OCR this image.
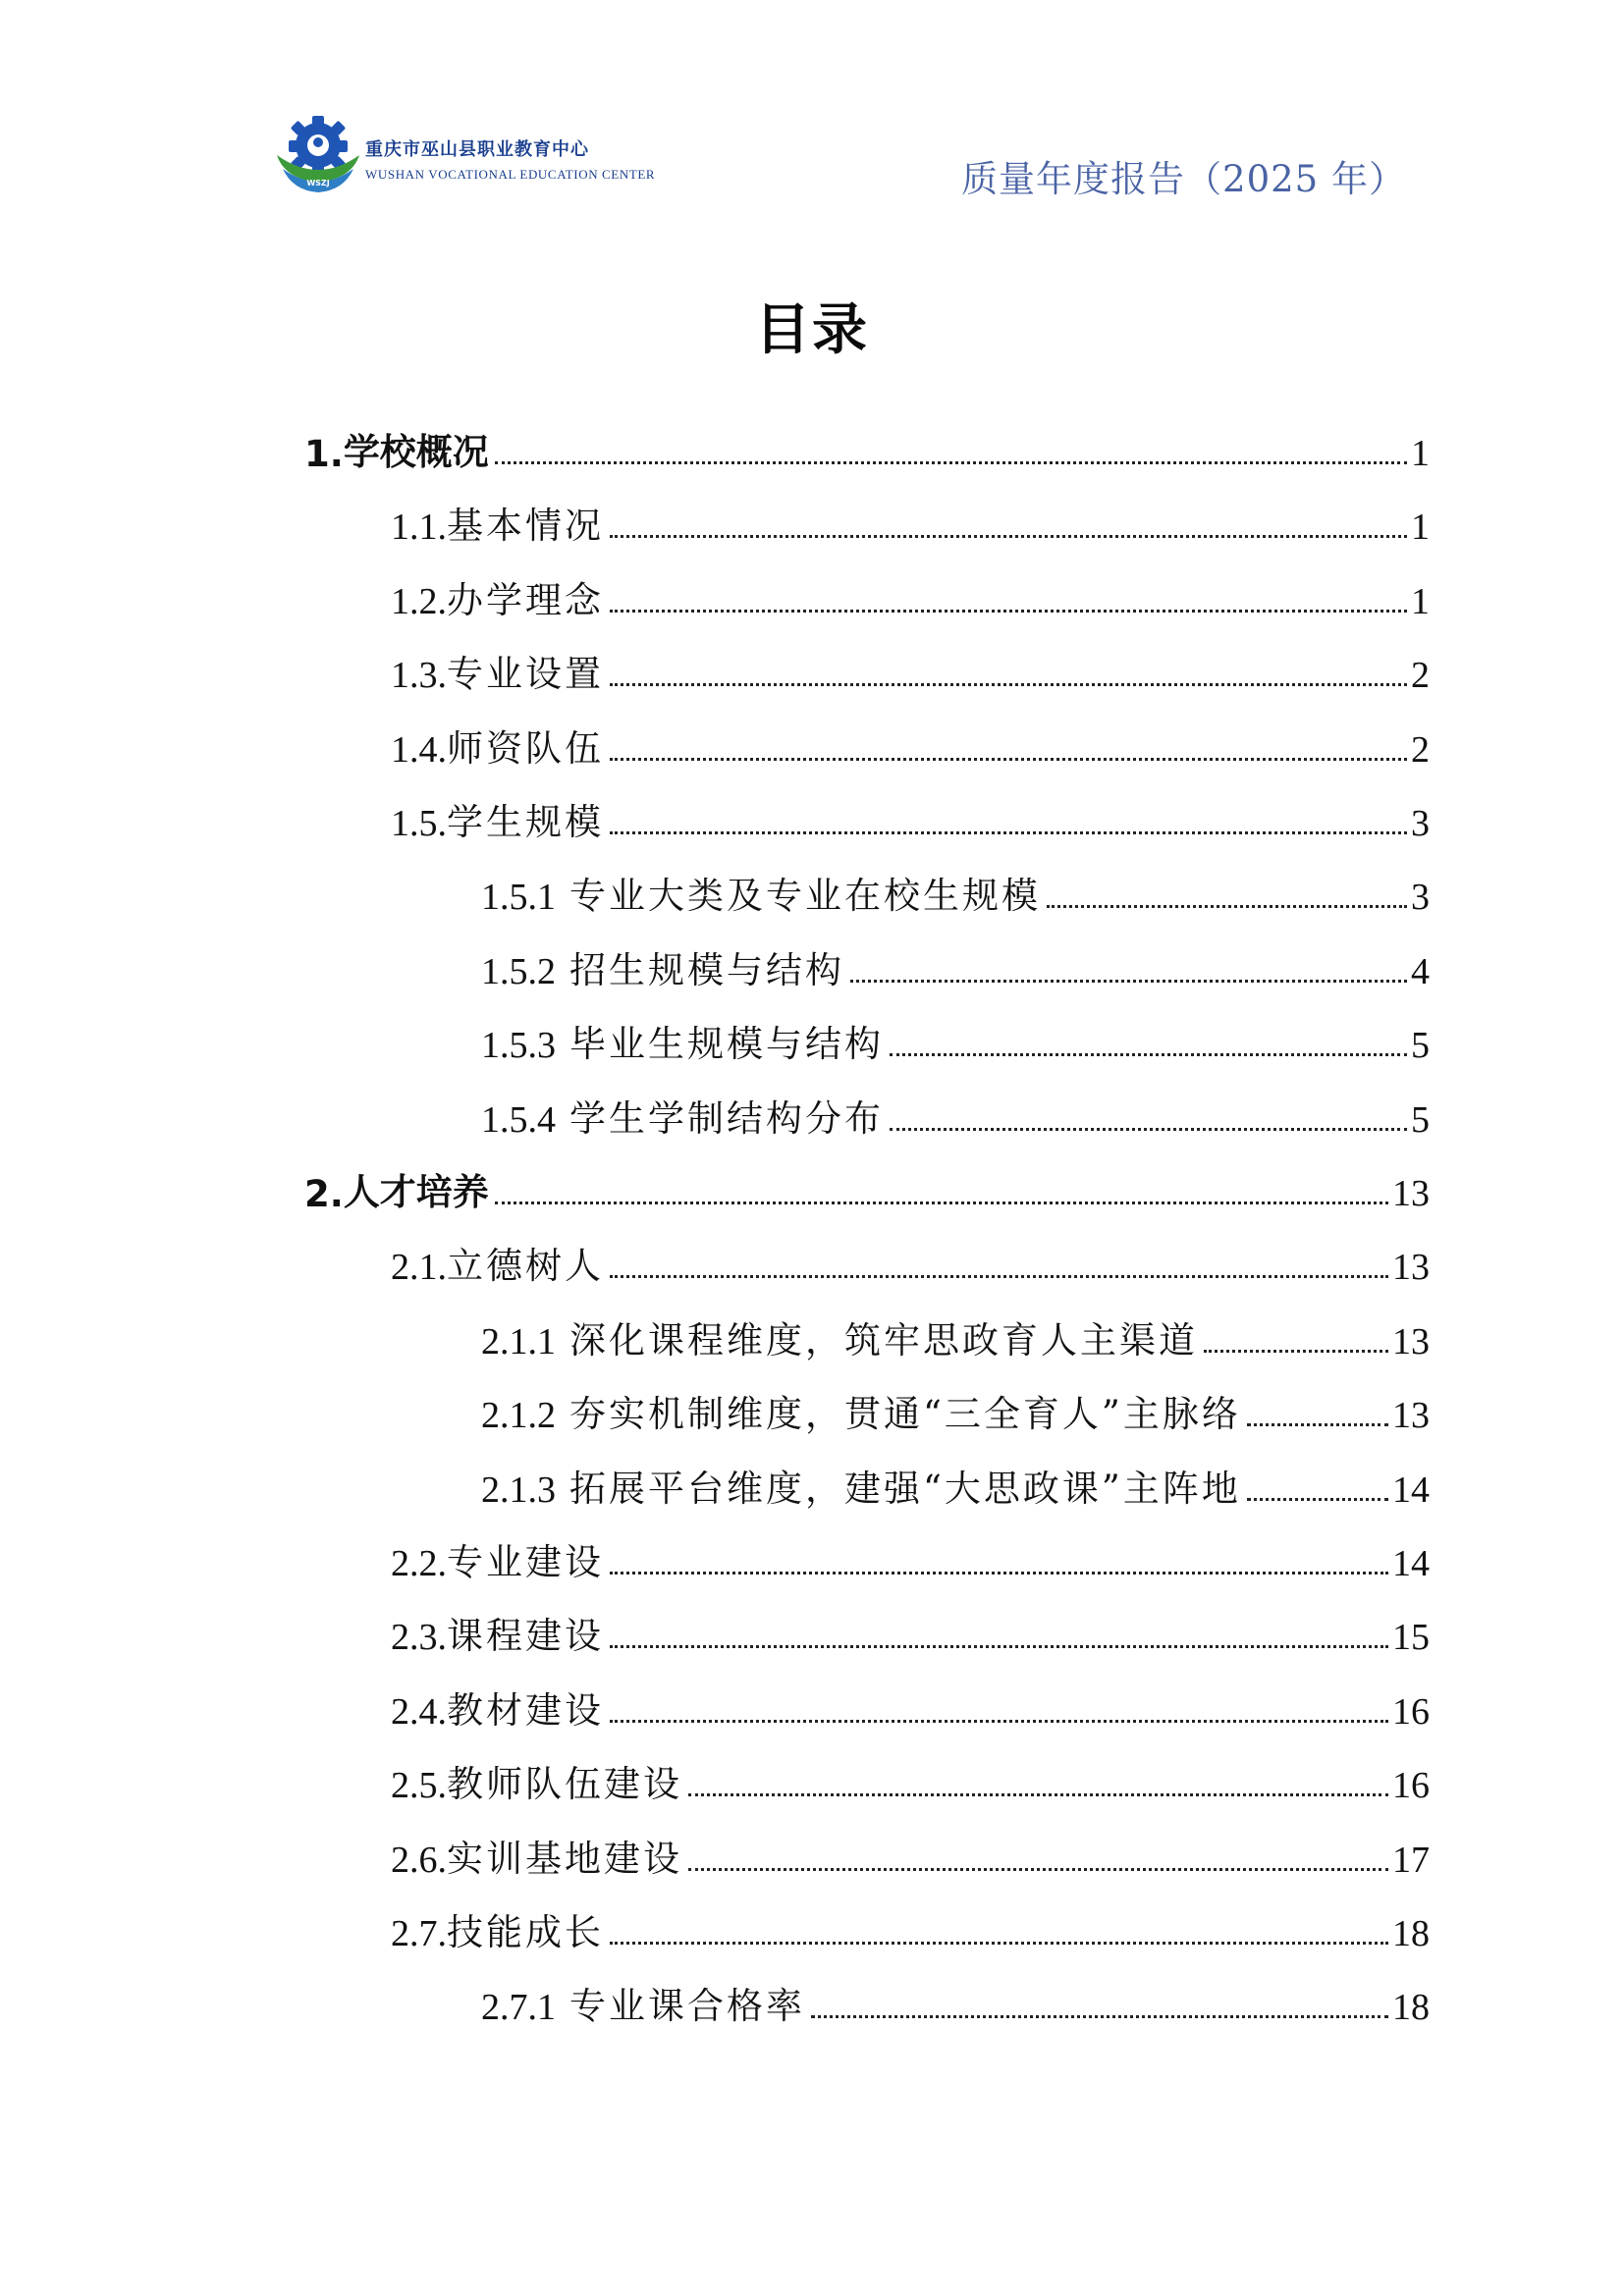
WSZJ
重庆市巫山县职业教育中心
WUSHAN VOCATIONAL EDUCATION CENTER	质量年度报告（2025 年）
目录
1. 学校概况	1
1.1. 基本情况	1
1.2. 办学理念	1
1.3. 专业设置	2
1.4. 师资队伍	2
1.5. 学生规模	3
1.5.1 专业大类及专业在校生规模	3
1.5.2 招生规模与结构	4
1.5.3 毕业生规模与结构	5
1.5.4 学生学制结构分布	5
2. 人才培养	13
2.1. 立德树人	13
2.1.1 深化课程维度，筑牢思政育人主渠道	13
2.1.2 夯实机制维度，贯通“三全育人”主脉络	13
2.1.3 拓展平台维度，建强“大思政课”主阵地	14
2.2. 专业建设	14
2.3. 课程建设	15
2.4. 教材建设	16
2.5. 教师队伍建设	16
2.6. 实训基地建设	17
2.7. 技能成长	18
2.7.1 专业课合格率	18
